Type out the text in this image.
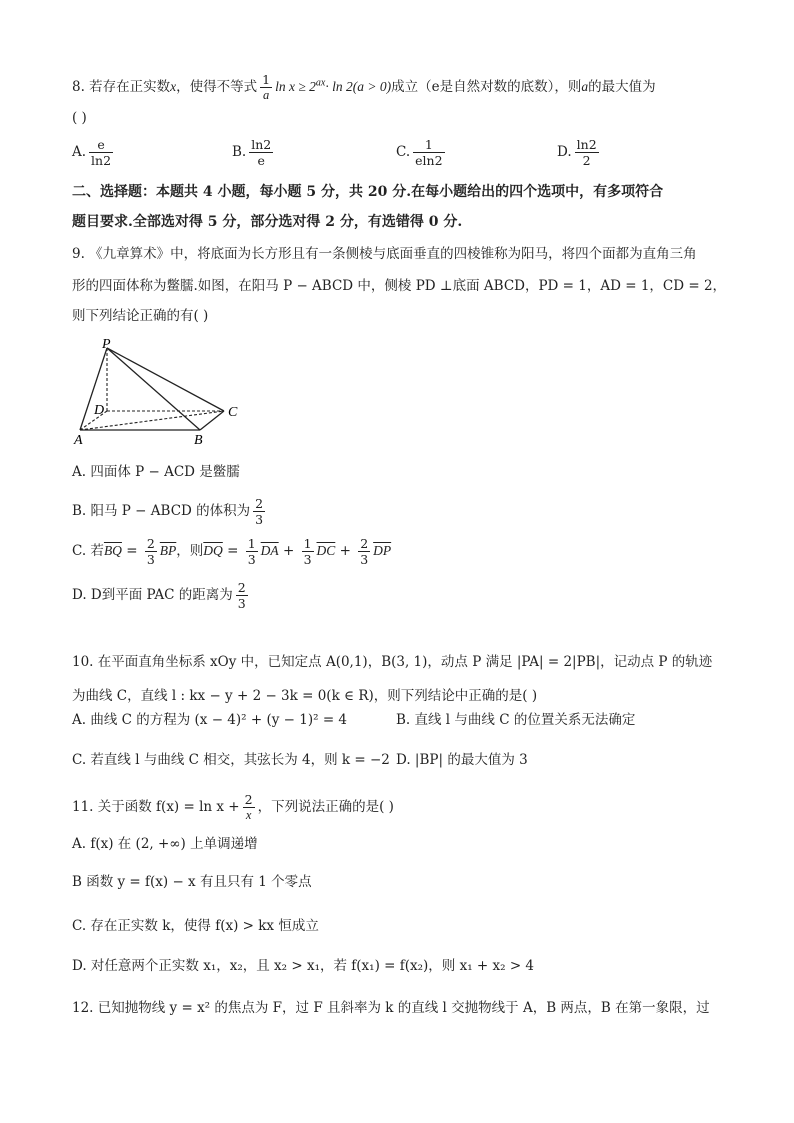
8. 若存在正实数x，使得不等式 $\frac{1}{a}$ $\ln x \ge 2^{ax}\cdot \ln 2(a > 0)$成立（e是自然对数的底数），则a的最大值为
( )
A. $\frac{e}{\ln 2}$	B. $\frac{\ln 2}{e}$	C. $\frac{1}{eln2}$	D. $\frac{\ln 2}{2}$
二、选择题：本题共 4 小题，每小题 5 分，共 20 分.在每小题给出的四个选项中，有多项符合
题目要求.全部选对得 5 分，部分选对得 2 分，有选错得 0 分.
9. 《九章算术》中，将底面为长方形且有一条侧棱与底面垂直的四棱锥称为阳马，将四个面都为直角三角
形的四面体称为鳖臑.如图，在阳马 P − ABCD 中，侧棱 PD ⊥底面 ABCD，PD = 1，AD = 1，CD = 2，
则下列结论正确的有( )
P
D	C
A	B
A. 四面体 P − ACD 是鳖臑
B. 阳马 P − ABCD 的体积为 $\frac{2}{3}$
C. 若$\overline{BQ} = \frac{2}{3} \overline{BP}$，则$\overline{DQ} = \frac{1}{3} \overline{DA} + \frac{1}{3} \overline{DC} + \frac{2}{3} \overline{DP}$
D. D到平面 PAC 的距离为 $\frac{2}{3}$
10. 在平面直角坐标系 xOy 中，已知定点 A(0,1)，B(3, 1)，动点 P 满足 |PA| = 2|PB|，记动点 P 的轨迹
为曲线 C，直线 l : kx − y + 2 − 3k = 0(k ∈ R)，则下列结论中正确的是( )
A. 曲线 C 的方程为 (x − 4)² + (y − 1)² = 4	B. 直线 l 与曲线 C 的位置关系无法确定
C. 若直线 l 与曲线 C 相交，其弦长为 4，则 k = −2 D. |BP| 的最大值为 3
11. 关于函数 $f(x) = \ln x + \frac{2}{x}$ ，下列说法正确的是( )
A. f(x) 在 (2, +∞) 上单调递增
B 函数 y = f(x) − x 有且只有 1 个零点
C. 存在正实数 k，使得 f(x) > kx 恒成立
D. 对任意两个正实数 x₁，x₂，且 x₂ > x₁，若 f(x₁) = f(x₂)，则 x₁ + x₂ > 4
12. 已知抛物线 y = x² 的焦点为 F，过 F 且斜率为 k 的直线 l 交抛物线于 A，B 两点，B 在第一象限，过
